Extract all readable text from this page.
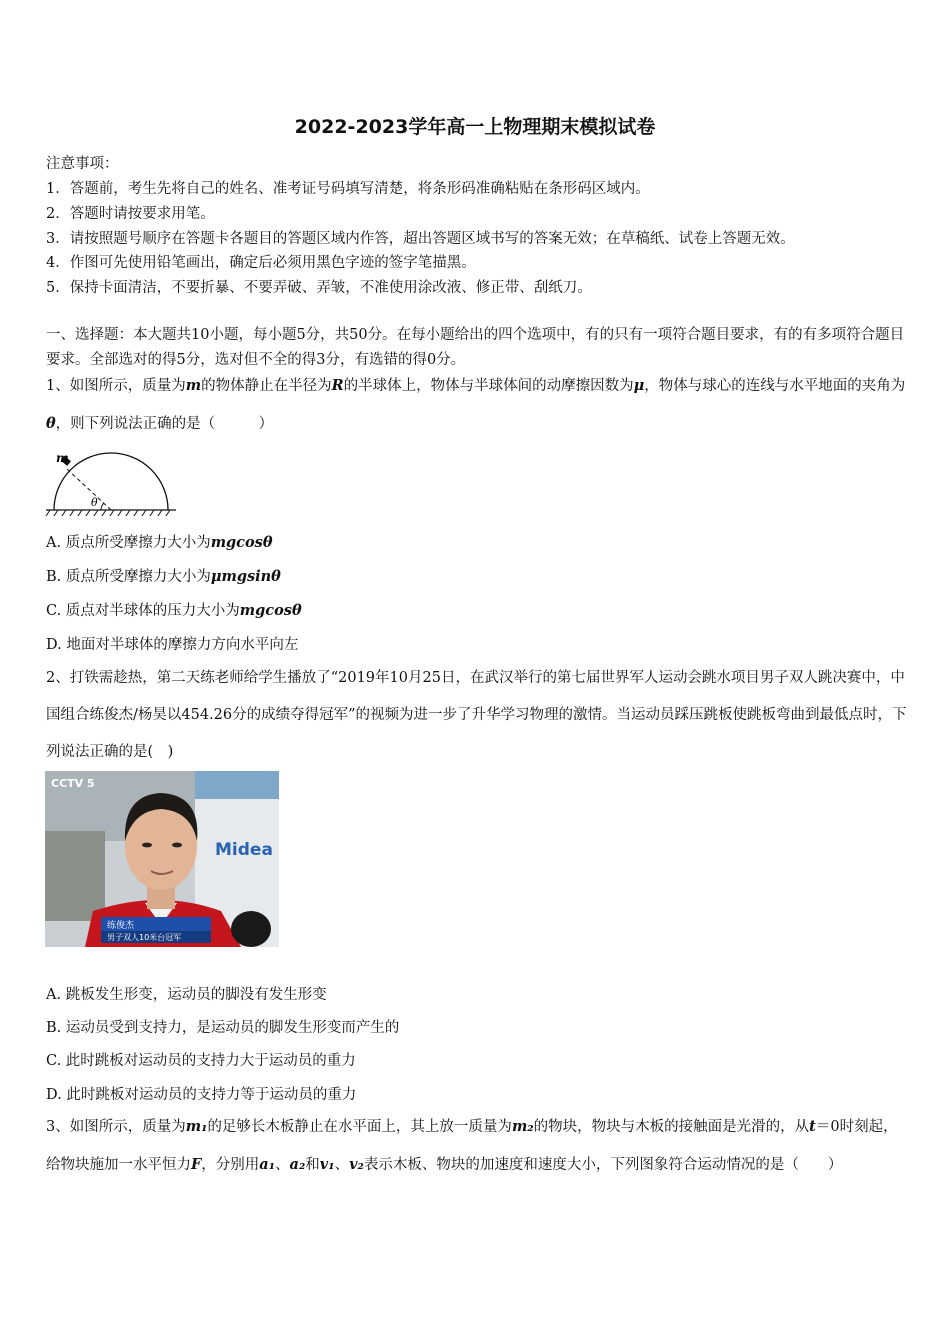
2022-2023学年高一上物理期末模拟试卷
注意事项：
1．答题前，考生先将自己的姓名、准考证号码填写清楚，将条形码准确粘贴在条形码区域内。
2．答题时请按要求用笔。
3．请按照题号顺序在答题卡各题目的答题区域内作答，超出答题区域书写的答案无效；在草稿纸、试卷上答题无效。
4．作图可先使用铅笔画出，确定后必须用黑色字迹的签字笔描黑。
5．保持卡面清洁，不要折暴、不要弄破、弄皱，不准使用涂改液、修正带、刮纸刀。
一、选择题：本大题共10小题，每小题5分，共50分。在每小题给出的四个选项中，有的只有一项符合题目要求，有的有多项符合题目要求。全部选对的得5分，选对但不全的得3分，有选错的得0分。
1、如图所示，质量为m的物体静止在半径为R的半球体上，物体与半球体间的动摩擦因数为μ，物体与球心的连线与水平地面的夹角为θ，则下列说法正确的是（　　　）
m
θ
A. 质点所受摩擦力大小为mgcosθ
B. 质点所受摩擦力大小为μmgsinθ
C. 质点对半球体的压力大小为mgcosθ
D. 地面对半球体的摩擦力方向水平向左
2、打铁需趁热，第二天练老师给学生播放了“2019年10月25日，在武汉举行的第七届世界军人运动会跳水项目男子双人跳决赛中，中国组合练俊杰/杨昊以454.26分的成绩夺得冠军”的视频为进一步了升华学习物理的激情。当运动员踩压跳板使跳板弯曲到最低点时，下列说法正确的是(　)
CCTV 5
Midea
练俊杰
男子双人10米台冠军
A. 跳板发生形变，运动员的脚没有发生形变
B. 运动员受到支持力，是运动员的脚发生形变而产生的
C. 此时跳板对运动员的支持力大于运动员的重力
D. 此时跳板对运动员的支持力等于运动员的重力
3、如图所示，质量为m₁的足够长木板静止在水平面上，其上放一质量为m₂的物块，物块与木板的接触面是光滑的，从t＝0时刻起，给物块施加一水平恒力F，分别用a₁、a₂和v₁、v₂表示木板、物块的加速度和速度大小，下列图象符合运动情况的是（　　）
